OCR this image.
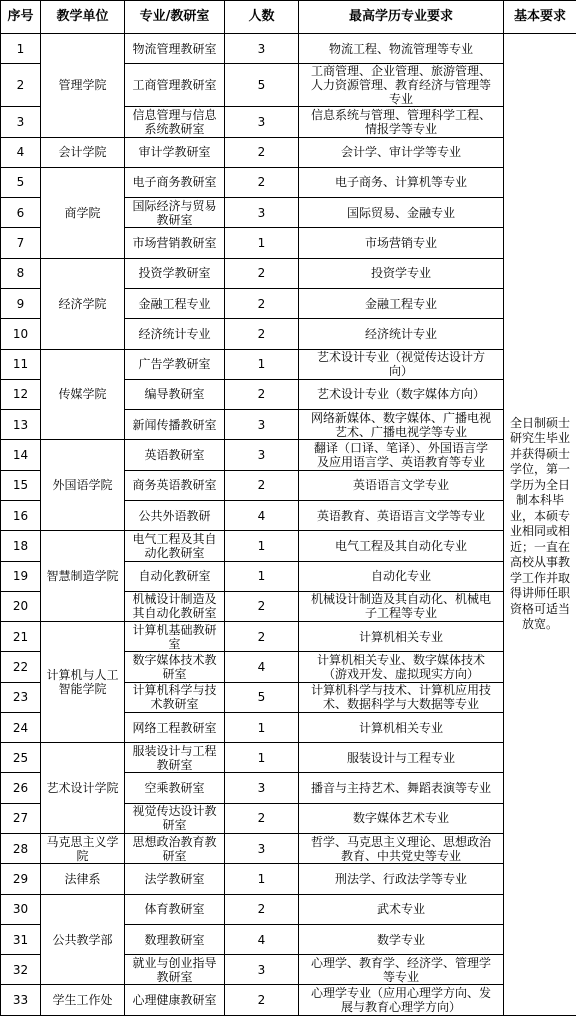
序号	教学单位	专业/教研室	人数	最高学历专业要求	基本要求
1	管理学院	物流管理教研室	3	物流工程、物流管理等专业	全日制硕士研究生毕业并获得硕士学位，第一学历为全日制本科毕业，本硕专业相同或相近；一直在高校从事教学工作并取得讲师任职资格可适当放宽。
2		工商管理教研室	5	工商管理、企业管理、旅游管理、
人力资源管理、教育经济与管理等
专业	
3		信息管理与信息
系统教研室	3	信息系统与管理、管理科学工程、
情报学等专业	
4	会计学院	审计学教研室	2	会计学、审计学等专业	
5	商学院	电子商务教研室	2	电子商务、计算机等专业	
6		国际经济与贸易
教研室	3	国际贸易、金融专业	
7		市场营销教研室	1	市场营销专业	
8	经济学院	投资学教研室	2	投资学专业	
9		金融工程专业	2	金融工程专业	
10		经济统计专业	2	经济统计专业	
11	传媒学院	广告学教研室	1	艺术设计专业（视觉传达设计方
向）	
12		编导教研室	2	艺术设计专业（数字媒体方向）	
13		新闻传播教研室	3	网络新媒体、数字媒体、广播电视
艺术、广播电视学等专业	
14	外国语学院	英语教研室	3	翻译（口译、笔译）、外国语言学
及应用语言学、英语教育等专业	
15		商务英语教研室	2	英语语言文学专业	
16		公共外语教研	4	英语教育、英语语言文学等专业	
18	智慧制造学院	电气工程及其自
动化教研室	1	电气工程及其自动化专业	
19		自动化教研室	1	自动化专业	
20		机械设计制造及
其自动化教研室	2	机械设计制造及其自动化、机械电
子工程等专业	
21	计算机与人工
智能学院	计算机基础教研
室	2	计算机相关专业	
22		数字媒体技术教
研室	4	计算机相关专业、数字媒体技术
（游戏开发、虚拟现实方向）	
23		计算机科学与技
术教研室	5	计算机科学与技术、计算机应用技
术、数据科学与大数据等专业	
24		网络工程教研室	1	计算机相关专业	
25	艺术设计学院	服装设计与工程
教研室	1	服装设计与工程专业	
26		空乘教研室	3	播音与主持艺术、舞蹈表演等专业	
27		视觉传达设计教
研室	2	数字媒体艺术专业	
28	马克思主义学
院	思想政治教育教
研室	3	哲学、马克思主义理论、思想政治
教育、中共党史等专业	
29	法律系	法学教研室	1	刑法学、行政法学等专业	
30	公共教学部	体育教研室	2	武术专业	
31		数理教研室	4	数学专业	
32		就业与创业指导
教研室	3	心理学、教育学、经济学、管理学
等专业	
33	学生工作处	心理健康教研室	2	心理学专业（应用心理学方向、发
展与教育心理学方向）	
